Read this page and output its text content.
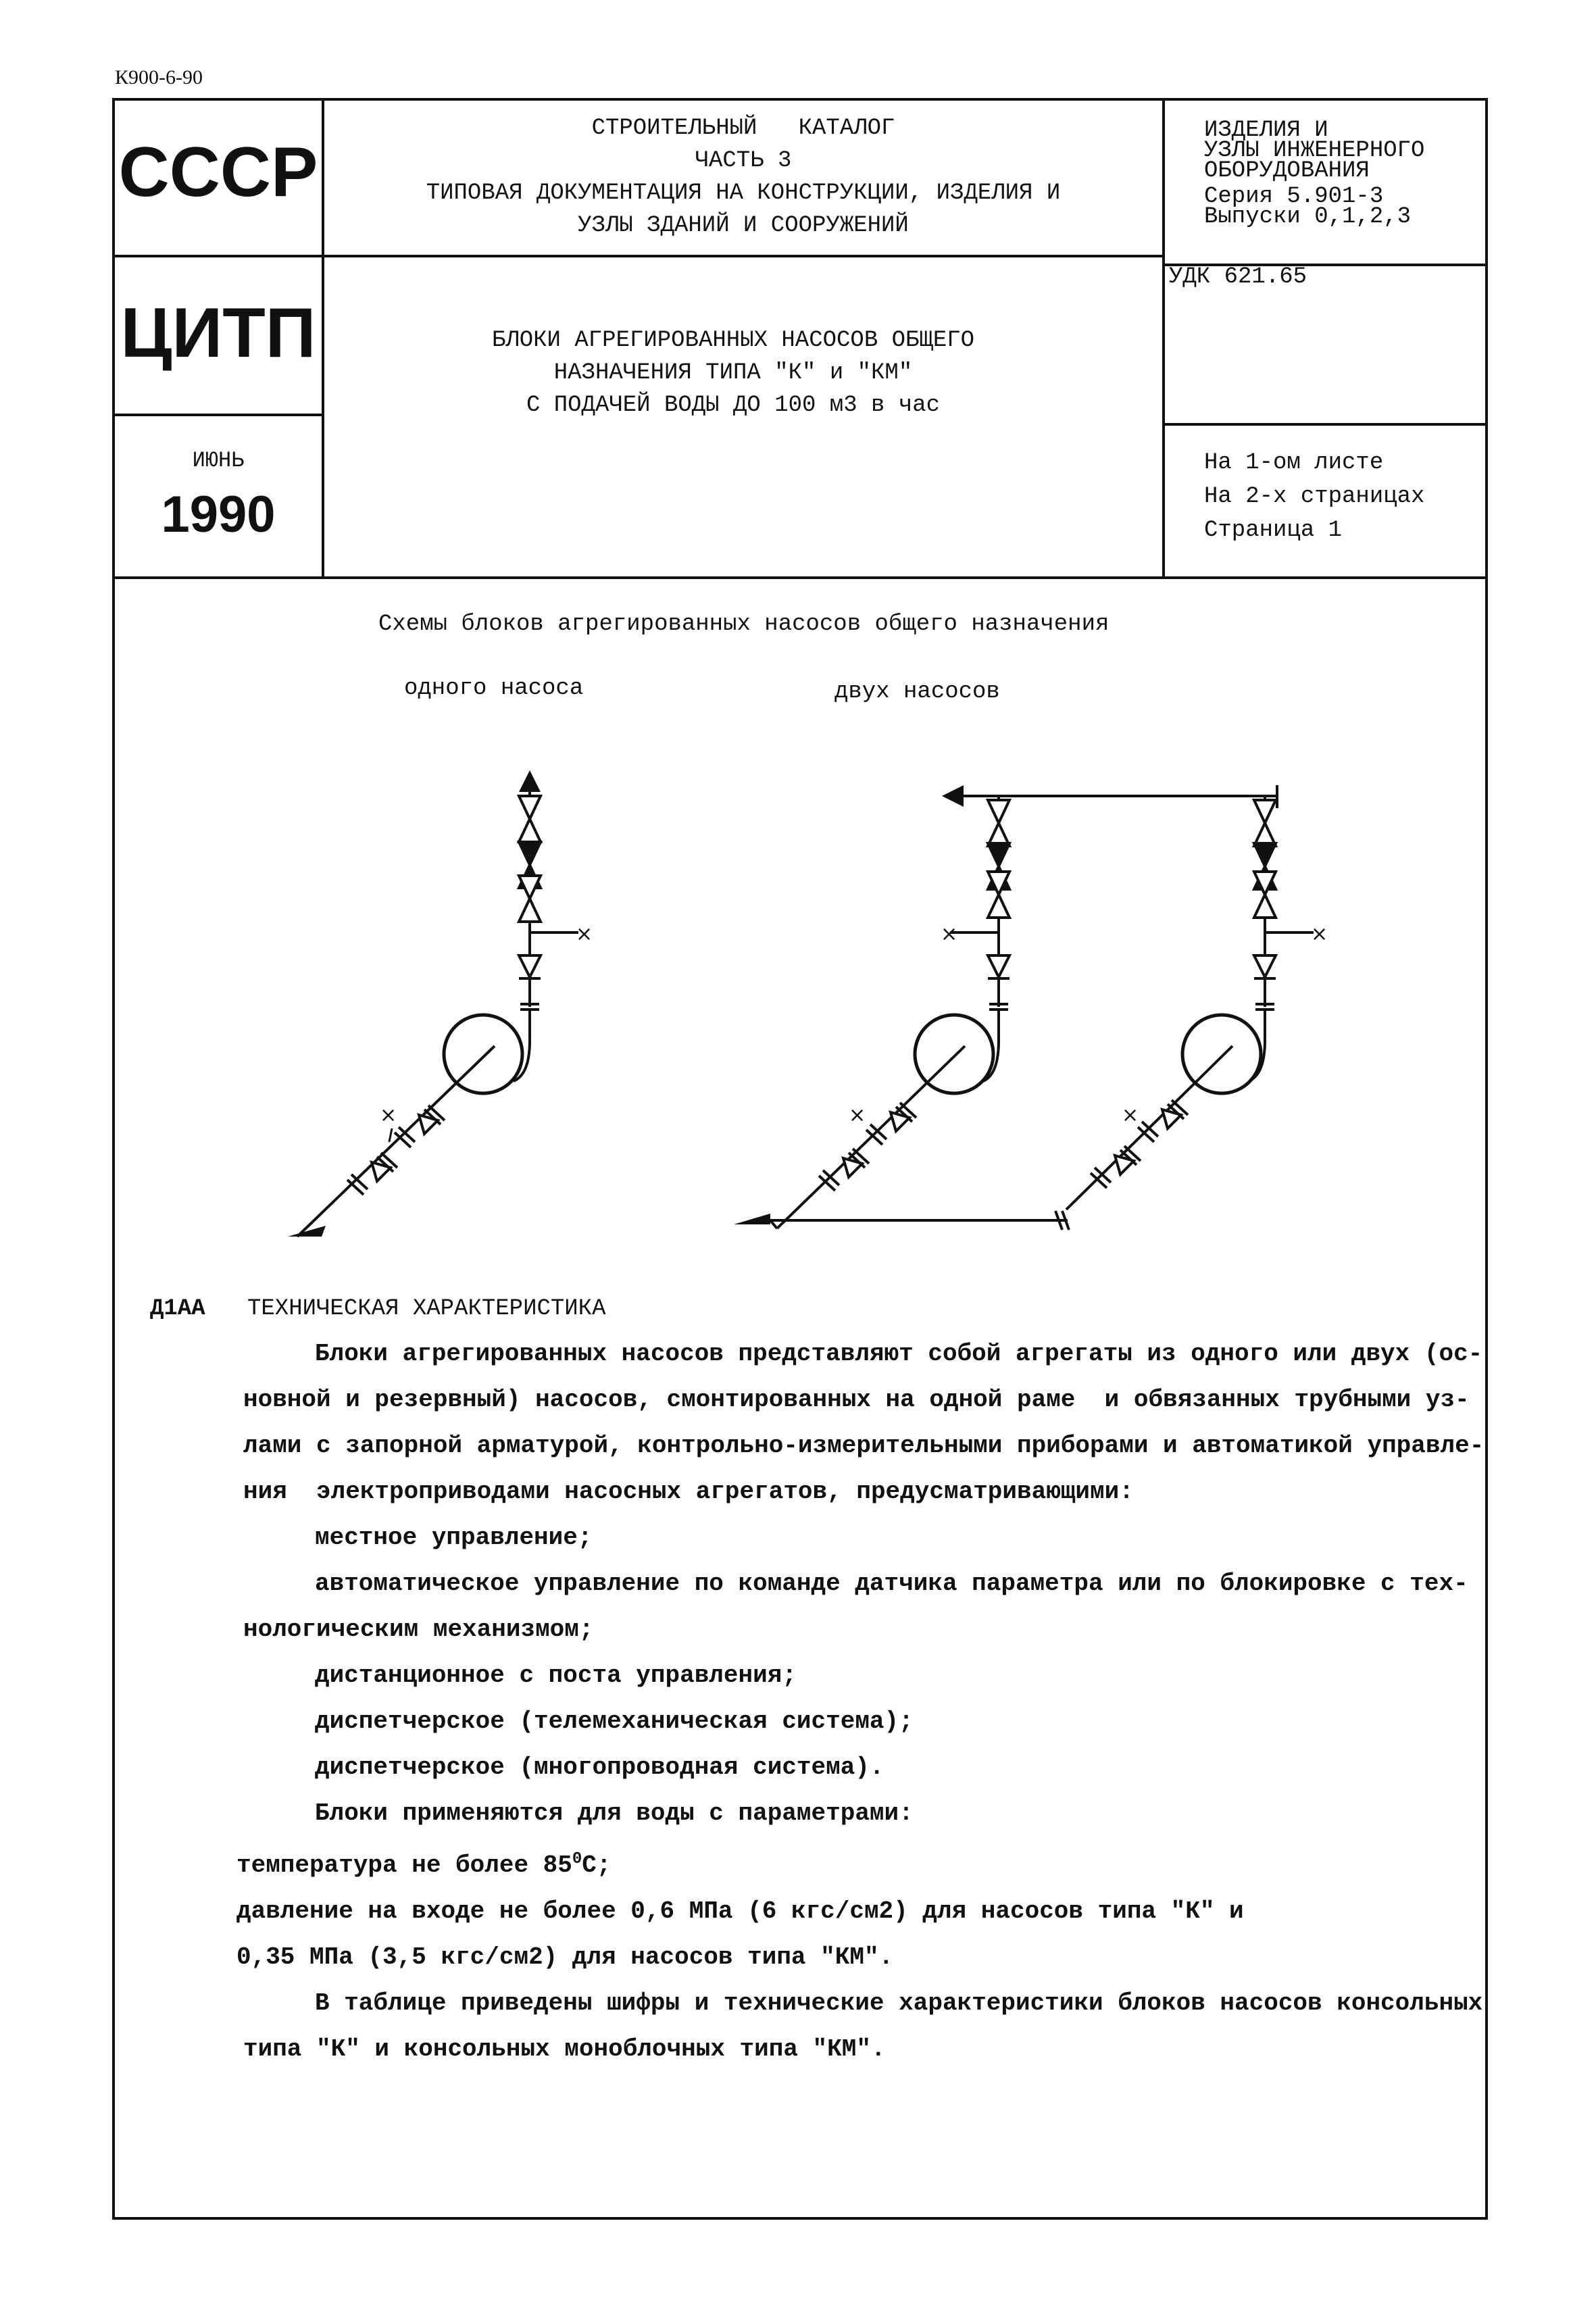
К900-6-90
СССР
ЦИТП
ИЮНЬ
1990
СТРОИТЕЛЬНЫЙ   КАТАЛОГ
ЧАСТЬ 3
ТИПОВАЯ ДОКУМЕНТАЦИЯ НА КОНСТРУКЦИИ, ИЗДЕЛИЯ И
УЗЛЫ ЗДАНИЙ И СООРУЖЕНИЙ
БЛОКИ АГРЕГИРОВАННЫХ НАСОСОВ ОБЩЕГО
НАЗНАЧЕНИЯ ТИПА "К" и "КМ"
С ПОДАЧЕЙ ВОДЫ ДО 100 м3 в час
ИЗДЕЛИЯ И
УЗЛЫ ИНЖЕНЕРНОГО
ОБОРУДОВАНИЯ
Серия 5.901-3
Выпуски 0,1,2,3
УДК 621.65
На 1-ом листе
На 2-х страницах
Страница 1
Схемы блоков агрегированных насосов общего назначения
одного насоса	двух насосов
×
×
×
×
×
×
Д1АА ТЕХНИЧЕСКАЯ ХАРАКТЕРИСТИКА
Блоки агрегированных насосов представляют собой агрегаты из одного или двух (ос-
новной и резервный) насосов, смонтированных на одной раме  и обвязанных трубными уз-
лами с запорной арматурой, контрольно-измерительными приборами и автоматикой управле-
ния  электроприводами насосных агрегатов, предусматривающими:
местное управление;
автоматическое управление по команде датчика параметра или по блокировке с тех-
нологическим механизмом;
дистанционное с поста управления;
диспетчерское (телемеханическая система);
диспетчерское (многопроводная система).
Блоки применяются для воды с параметрами:
температура не более $85^0С$;
давление на входе не более 0,6 МПа (6 кгс/см2) для насосов типа "К" и
0,35 МПа (3,5 кгс/см2) для насосов типа "КМ".
В таблице приведены шифры и технические характеристики блоков насосов консольных
типа "К" и консольных моноблочных типа "КМ".
